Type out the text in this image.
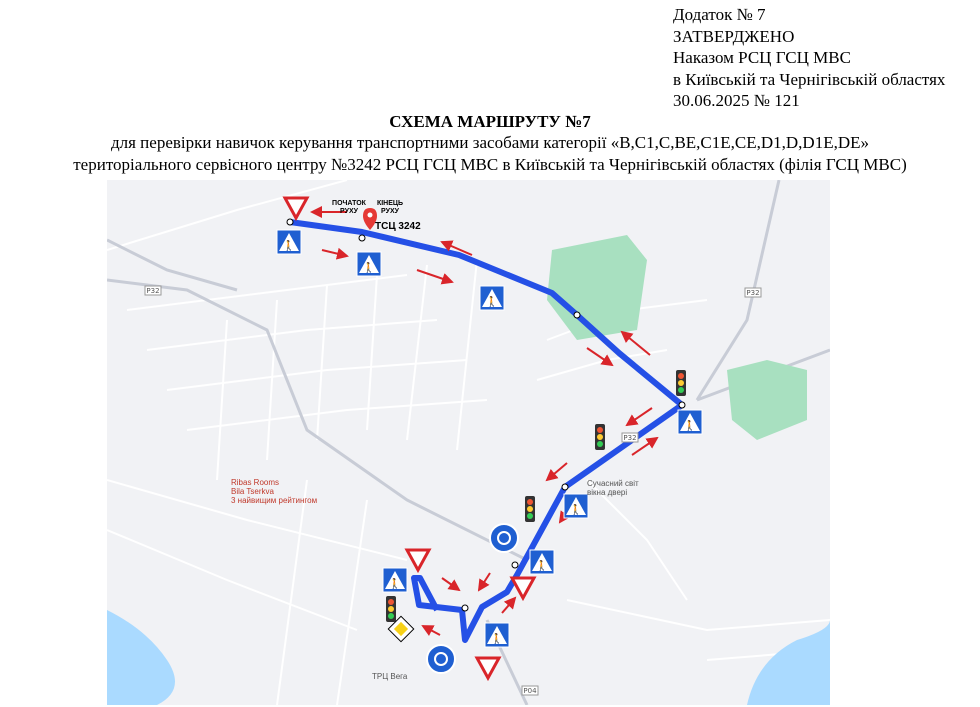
Додаток № 7
ЗАТВЕРДЖЕНО
Наказом РСЦ ГСЦ МВС
в Київській та Чернігівській областях
30.06.2025 № 121
СХЕМА МАРШРУТУ №7
для перевірки навичок керування транспортними засобами категорії «B,C1,C,BE,C1E,CE,D1,D,D1E,DE»
територіального сервісного центру №3242 РСЦ ГСЦ МВС в Київській та Чернігівській областях (філія ГСЦ МВС)
🚶
🚶
🚶
🚶
🚶
🚶
🚶
🚶
Р32	Р32
Р32
Р04
ПОЧАТОК РУХУ
КІНЕЦЬ РУХУ
ТСЦ 3242
Ribas Rooms
Bila Tserkva
3 найвищим рейтингом
Сучасний світ
вікна двері
ТРЦ Вега
